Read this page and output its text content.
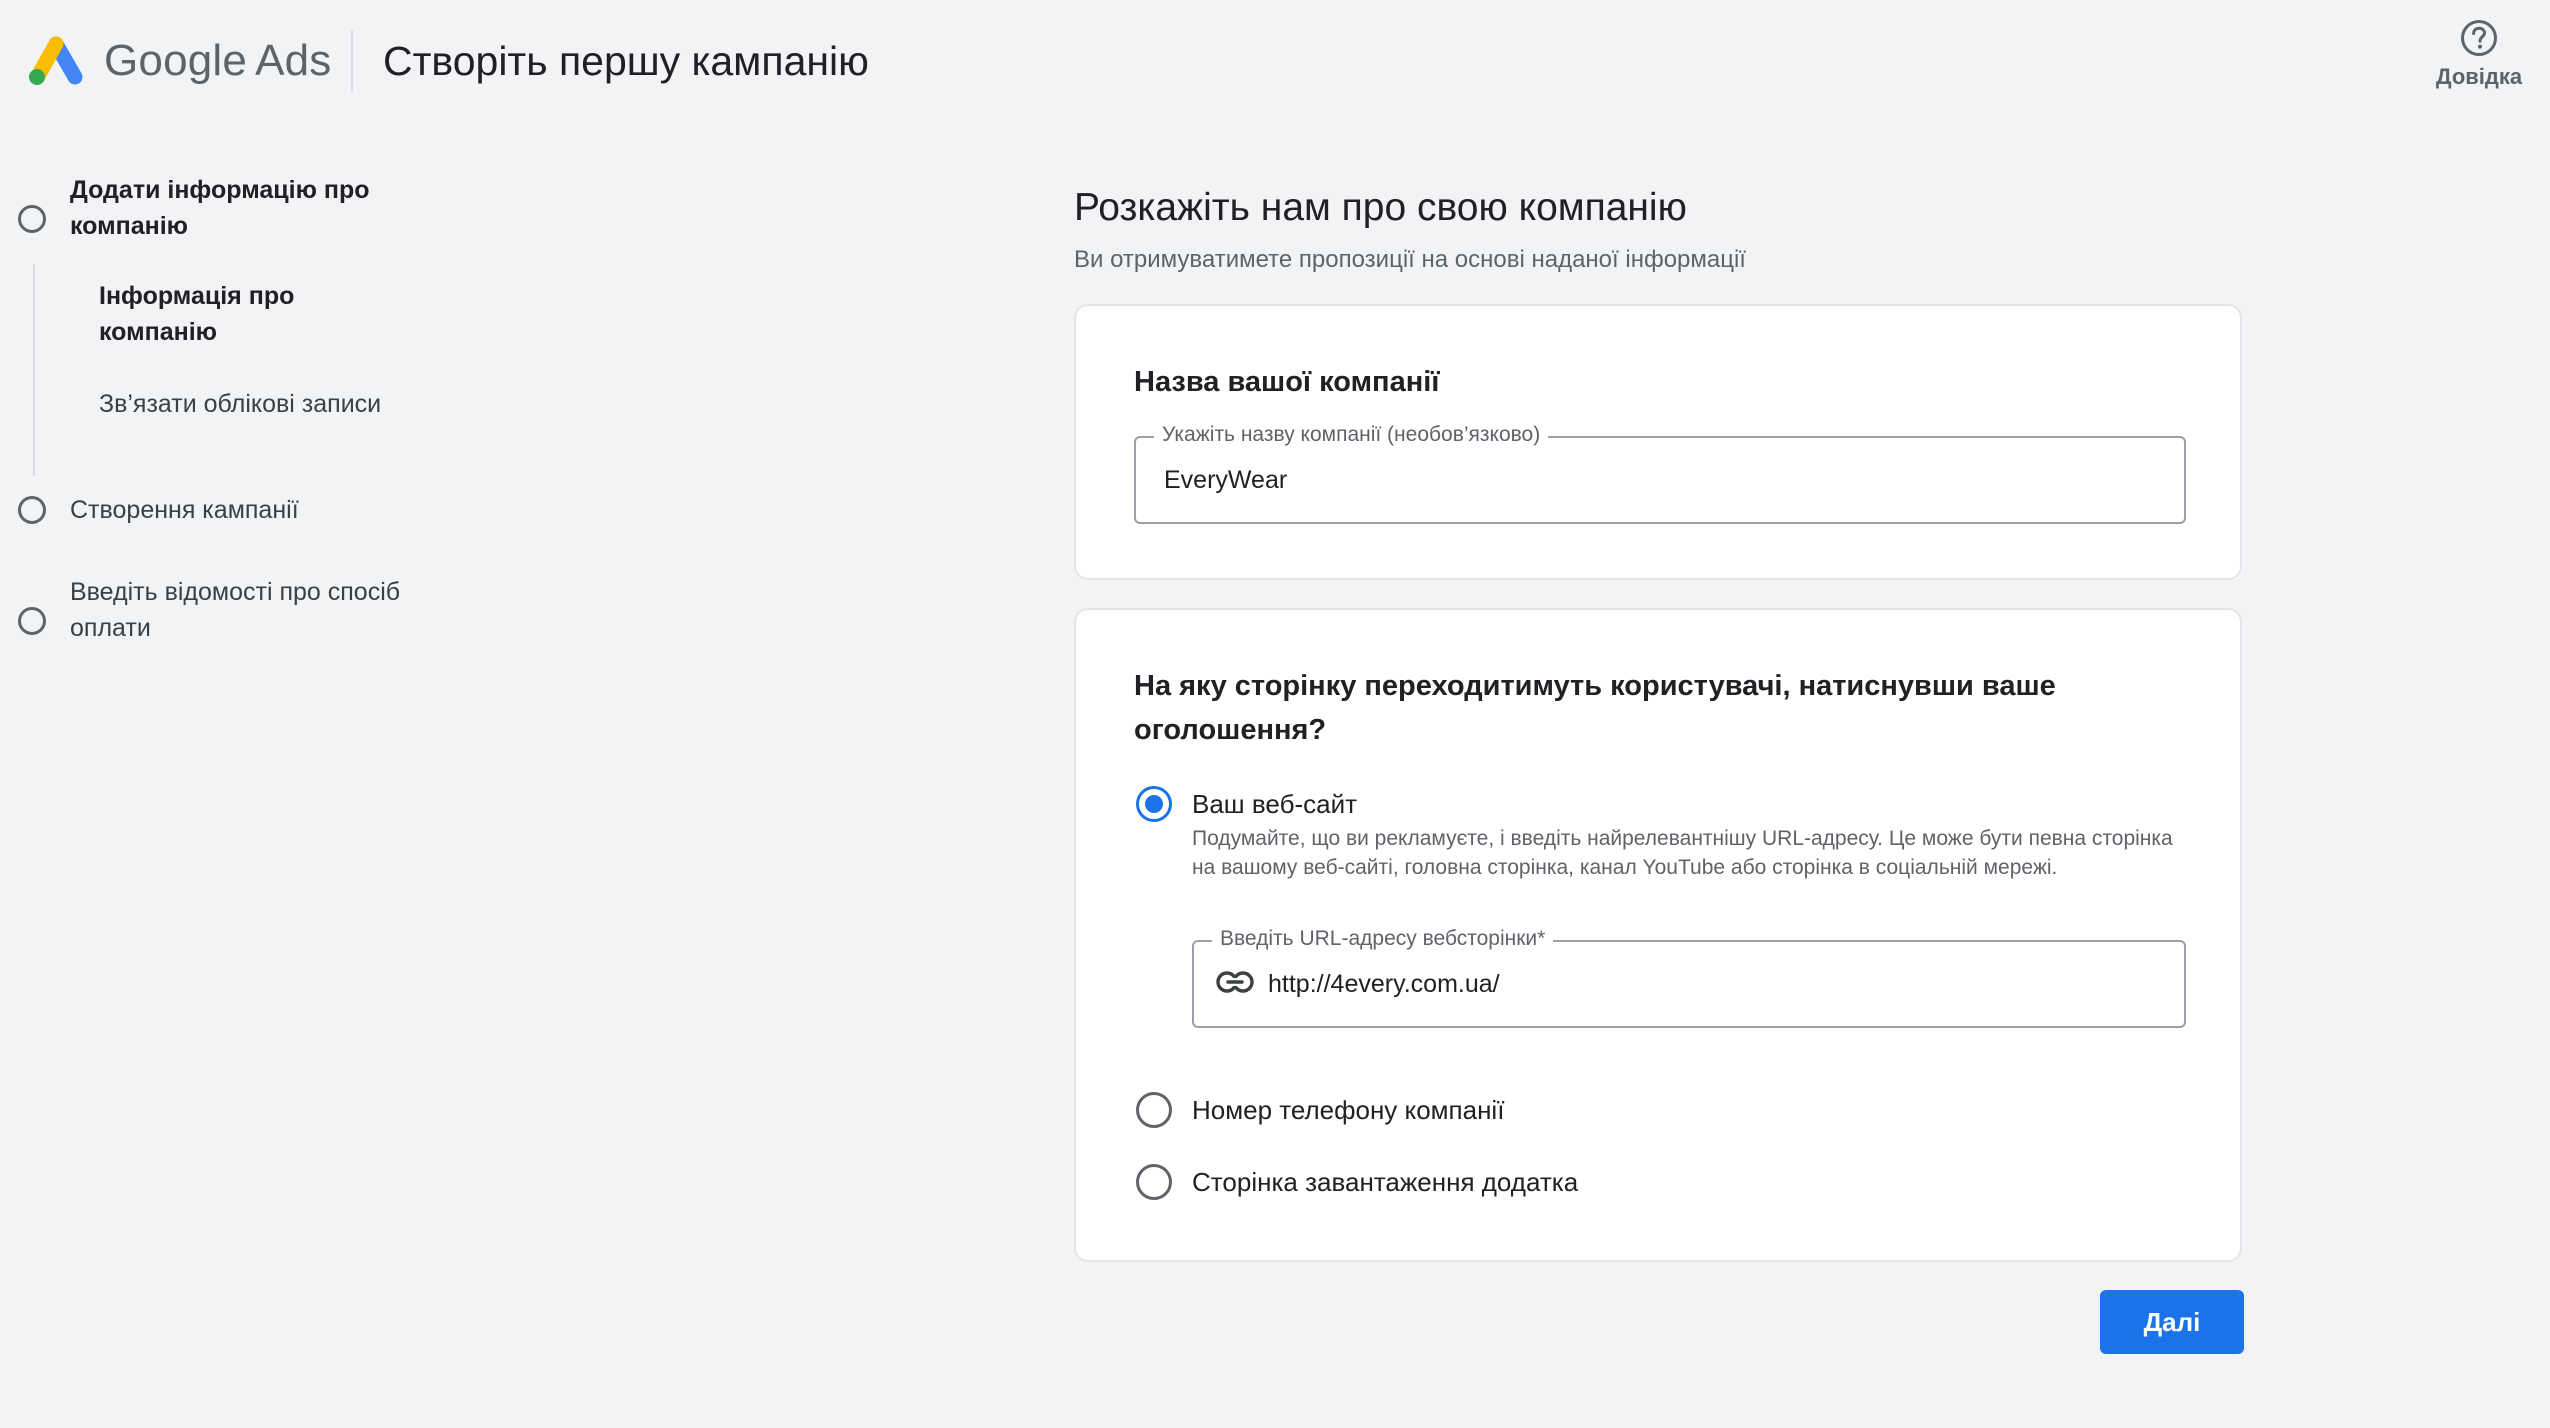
Google Ads Створіть першу кампанію	Довідка
Додати інформацію про компанію
Інформація про компанію
Зв’язати облікові записи
Створення кампанії
Введіть відомості про спосіб оплати
Розкажіть нам про свою компанію
Ви отримуватимете пропозиції на основі наданої інформації
Назва вашої компанії
Укажіть назву компанії (необов’язково)
EveryWear
На яку сторінку переходитимуть користувачі, натиснувши ваше оголошення?
Ваш веб-сайт
Подумайте, що ви рекламуєте, і введіть найрелевантнішу URL-адресу. Це може бути певна сторінка на вашому веб-сайті, головна сторінка, канал YouTube або сторінка в соціальній мережі.
Введіть URL-адресу вебсторінки*
http://4every.com.ua/
Номер телефону компанії
Сторінка завантаження додатка
Далі
